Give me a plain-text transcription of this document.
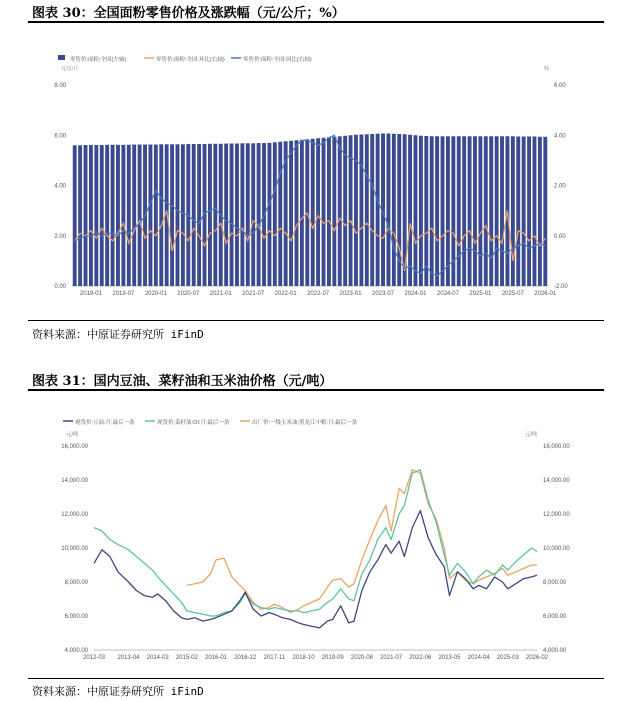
图表 30：全国面粉零售价格及涨跌幅（元/公斤；%）
零售价:面粉:全国(左轴)	零售价:面粉:全国:环比(右轴)	零售价:面粉:全国:同比(右轴)
元/公斤	%
0.00
2.00
4.00
6.00
8.00
-2.00
0.00
2.00
4.00
6.00
2019-01 2019-07 2020-01 2020-07 2021-01 2021-07 2022-01 2022-07 2023-01 2023-07 2024-01 2024-07 2025-01 2025-07 2026-01
资料来源：中原证券研究所 iFinD
图表 31：国内豆油、菜籽油和玉米油价格（元/吨）
现货价:豆油:月:最后一条	现货价:菜籽油:OI:月:最后一条	出厂价:一级玉米油:黑龙江中粮:月:最后一条
元/吨	元/吨
4,000.00
6,000.00
8,000.00
10,000.00
12,000.00
14,000.00
16,000.00
4,000.00
6,000.00
8,000.00
10,000.00
12,000.00
14,000.00
16,000.00
2012-03 2013-04 2014-03 2015-02 2016-01 2016-12 2017-11 2018-10 2019-09 2020-08 2021-07 2022-06 2023-05 2024-04 2025-03 2026-02
资料来源：中原证券研究所 iFinD
